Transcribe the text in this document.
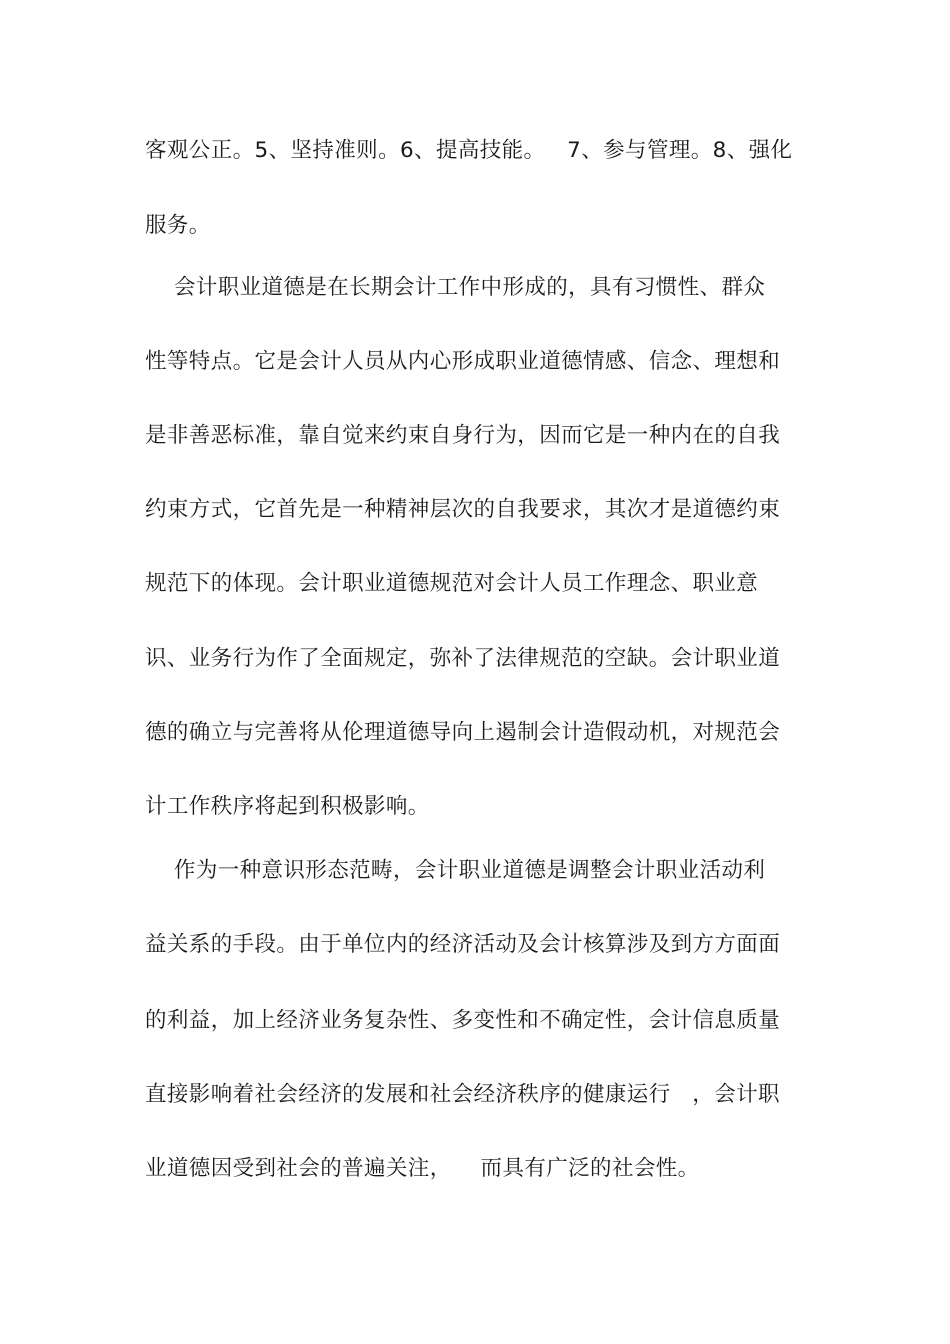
客观公正。5、坚持准则。6、提高技能。   7、参与管理。8、强化
服务。
会计职业道德是在长期会计工作中形成的，具有习惯性、群众
性等特点。它是会计人员从内心形成职业道德情感、信念、理想和
是非善恶标准，靠自觉来约束自身行为，因而它是一种内在的自我
约束方式，它首先是一种精神层次的自我要求，其次才是道德约束
规范下的体现。会计职业道德规范对会计人员工作理念、职业意
识、业务行为作了全面规定，弥补了法律规范的空缺。会计职业道
德的确立与完善将从伦理道德导向上遏制会计造假动机，对规范会
计工作秩序将起到积极影响。
作为一种意识形态范畴，会计职业道德是调整会计职业活动利
益关系的手段。由于单位内的经济活动及会计核算涉及到方方面面
的利益，加上经济业务复杂性、多变性和不确定性，会计信息质量
直接影响着社会经济的发展和社会经济秩序的健康运行   ，会计职
业道德因受到社会的普遍关注，    而具有广泛的社会性。
